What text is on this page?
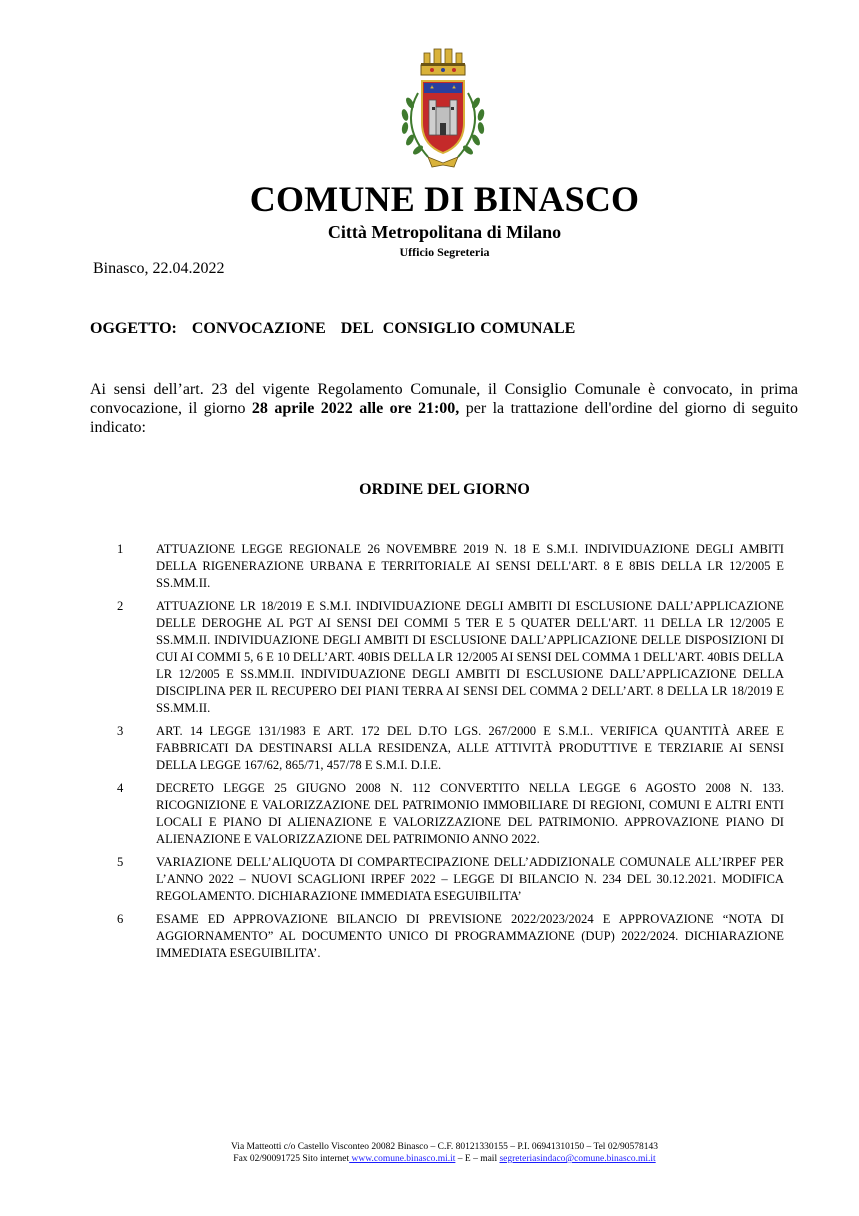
COMUNE DI BINASCO
Città Metropolitana di Milano
Ufficio Segreteria
Binasco, 22.04.2022
OGGETTO:   CONVOCAZIONE   DEL  CONSIGLIO COMUNALE
Ai sensi dell’art. 23 del vigente Regolamento Comunale, il Consiglio Comunale è convocato, in prima convocazione, il giorno 28 aprile 2022 alle ore 21:00, per la trattazione dell'ordine del giorno di seguito indicato:
ORDINE DEL GIORNO
1	ATTUAZIONE LEGGE REGIONALE 26 NOVEMBRE 2019 N. 18 E S.M.I. INDIVIDUAZIONE DEGLI AMBITI DELLA RIGENERAZIONE URBANA E TERRITORIALE AI SENSI DELL'ART. 8 E 8BIS DELLA LR 12/2005 E SS.MM.II.
2	ATTUAZIONE LR 18/2019 E S.M.I. INDIVIDUAZIONE DEGLI AMBITI DI ESCLUSIONE DALL’APPLICAZIONE DELLE DEROGHE AL PGT AI SENSI DEI COMMI 5 TER E 5 QUATER DELL'ART. 11 DELLA LR 12/2005 E SS.MM.II. INDIVIDUAZIONE DEGLI AMBITI DI ESCLUSIONE DALL’APPLICAZIONE DELLE DISPOSIZIONI DI CUI AI COMMI 5, 6 E 10 DELL’ART. 40BIS DELLA LR 12/2005 AI SENSI DEL COMMA 1 DELL'ART. 40BIS DELLA LR 12/2005 E SS.MM.II. INDIVIDUAZIONE DEGLI AMBITI DI ESCLUSIONE DALL’APPLICAZIONE DELLA DISCIPLINA PER IL RECUPERO DEI PIANI TERRA AI SENSI DEL COMMA 2 DELL’ART. 8 DELLA LR 18/2019 E SS.MM.II.
3	ART. 14 LEGGE 131/1983 E ART. 172 DEL D.TO LGS. 267/2000 E S.M.I.. VERIFICA QUANTITÀ AREE E FABBRICATI DA DESTINARSI ALLA RESIDENZA, ALLE ATTIVITÀ PRODUTTIVE E TERZIARIE AI SENSI DELLA LEGGE 167/62, 865/71, 457/78 E S.M.I. D.I.E.
4	DECRETO LEGGE 25 GIUGNO 2008 N. 112 CONVERTITO NELLA LEGGE 6 AGOSTO 2008 N. 133. RICOGNIZIONE E VALORIZZAZIONE DEL PATRIMONIO IMMOBILIARE DI REGIONI, COMUNI E ALTRI ENTI LOCALI E PIANO DI ALIENAZIONE E VALORIZZAZIONE DEL PATRIMONIO. APPROVAZIONE PIANO DI ALIENAZIONE E VALORIZZAZIONE DEL PATRIMONIO ANNO 2022.
5	VARIAZIONE DELL’ALIQUOTA DI COMPARTECIPAZIONE DELL’ADDIZIONALE COMUNALE ALL’IRPEF PER L’ANNO 2022 – NUOVI SCAGLIONI IRPEF 2022 – LEGGE DI BILANCIO N. 234 DEL 30.12.2021. MODIFICA REGOLAMENTO. DICHIARAZIONE IMMEDIATA ESEGUIBILITA’
6	ESAME ED APPROVAZIONE BILANCIO DI PREVISIONE 2022/2023/2024 E APPROVAZIONE “NOTA DI AGGIORNAMENTO” AL DOCUMENTO UNICO DI PROGRAMMAZIONE (DUP) 2022/2024. DICHIARAZIONE IMMEDIATA ESEGUIBILITA’.
Via Matteotti c/o Castello Visconteo 20082 Binasco – C.F. 80121330155 – P.I. 06941310150 – Tel 02/90578143
Fax 02/90091725 Sito internet www.comune.binasco.mi.it – E – mail segreteriasindaco@comune.binasco.mi.it
